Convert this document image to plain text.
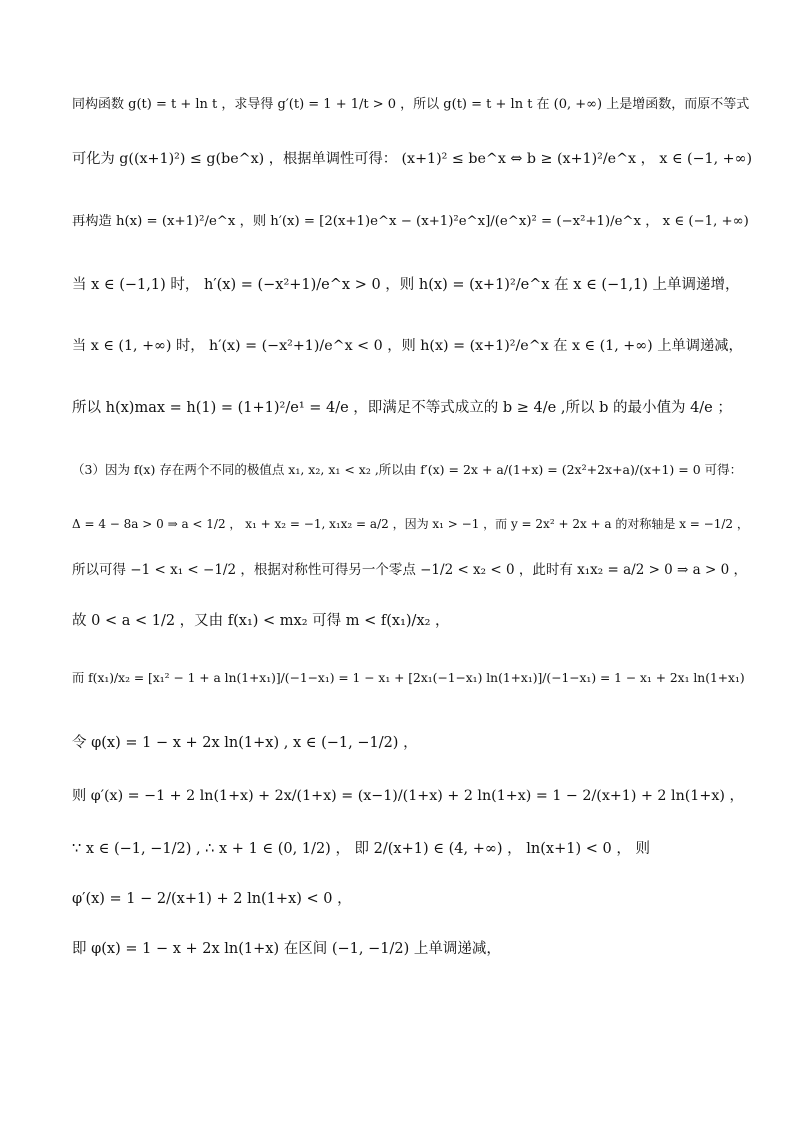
同构函数 g(t) = t + ln t ，求导得 g′(t) = 1 + 1/t > 0 ，所以 g(t) = t + ln t 在 (0, +∞) 上是增函数，而原不等式
可化为 g((x+1)²) ≤ g(be^x) ，根据单调性可得： (x+1)² ≤ be^x ⇔ b ≥ (x+1)²/e^x ， x ∈ (−1, +∞)
再构造 h(x) = (x+1)²/e^x ，则 h′(x) = [2(x+1)e^x − (x+1)²e^x]/(e^x)² = (−x²+1)/e^x ， x ∈ (−1, +∞)
当 x ∈ (−1,1) 时， h′(x) = (−x²+1)/e^x > 0 ，则 h(x) = (x+1)²/e^x 在 x ∈ (−1,1) 上单调递增，
当 x ∈ (1, +∞) 时， h′(x) = (−x²+1)/e^x < 0 ，则 h(x) = (x+1)²/e^x 在 x ∈ (1, +∞) 上单调递减，
所以 h(x)max = h(1) = (1+1)²/e¹ = 4/e ，即满足不等式成立的 b ≥ 4/e ,所以 b 的最小值为 4/e ；
（3）因为 f(x) 存在两个不同的极值点 x₁, x₂, x₁ < x₂ ,所以由 f′(x) = 2x + a/(1+x) = (2x²+2x+a)/(x+1) = 0 可得：
Δ = 4 − 8a > 0 ⇒ a < 1/2 ， x₁ + x₂ = −1, x₁x₂ = a/2 ，因为 x₁ > −1 ，而 y = 2x² + 2x + a 的对称轴是 x = −1/2 ，
所以可得 −1 < x₁ < −1/2 ，根据对称性可得另一个零点 −1/2 < x₂ < 0 ，此时有 x₁x₂ = a/2 > 0 ⇒ a > 0 ，
故 0 < a < 1/2 ，又由 f(x₁) < mx₂ 可得 m < f(x₁)/x₂ ，
而 f(x₁)/x₂ = [x₁² − 1 + a ln(1+x₁)]/(−1−x₁) = 1 − x₁ + [2x₁(−1−x₁) ln(1+x₁)]/(−1−x₁) = 1 − x₁ + 2x₁ ln(1+x₁)
令 φ(x) = 1 − x + 2x ln(1+x) , x ∈ (−1, −1/2) ，
则 φ′(x) = −1 + 2 ln(1+x) + 2x/(1+x) = (x−1)/(1+x) + 2 ln(1+x) = 1 − 2/(x+1) + 2 ln(1+x) ，
∵ x ∈ (−1, −1/2) , ∴ x + 1 ∈ (0, 1/2) ， 即 2/(x+1) ∈ (4, +∞) ， ln(x+1) < 0 ， 则
φ′(x) = 1 − 2/(x+1) + 2 ln(1+x) < 0 ，
即 φ(x) = 1 − x + 2x ln(1+x) 在区间 (−1, −1/2) 上单调递减，
